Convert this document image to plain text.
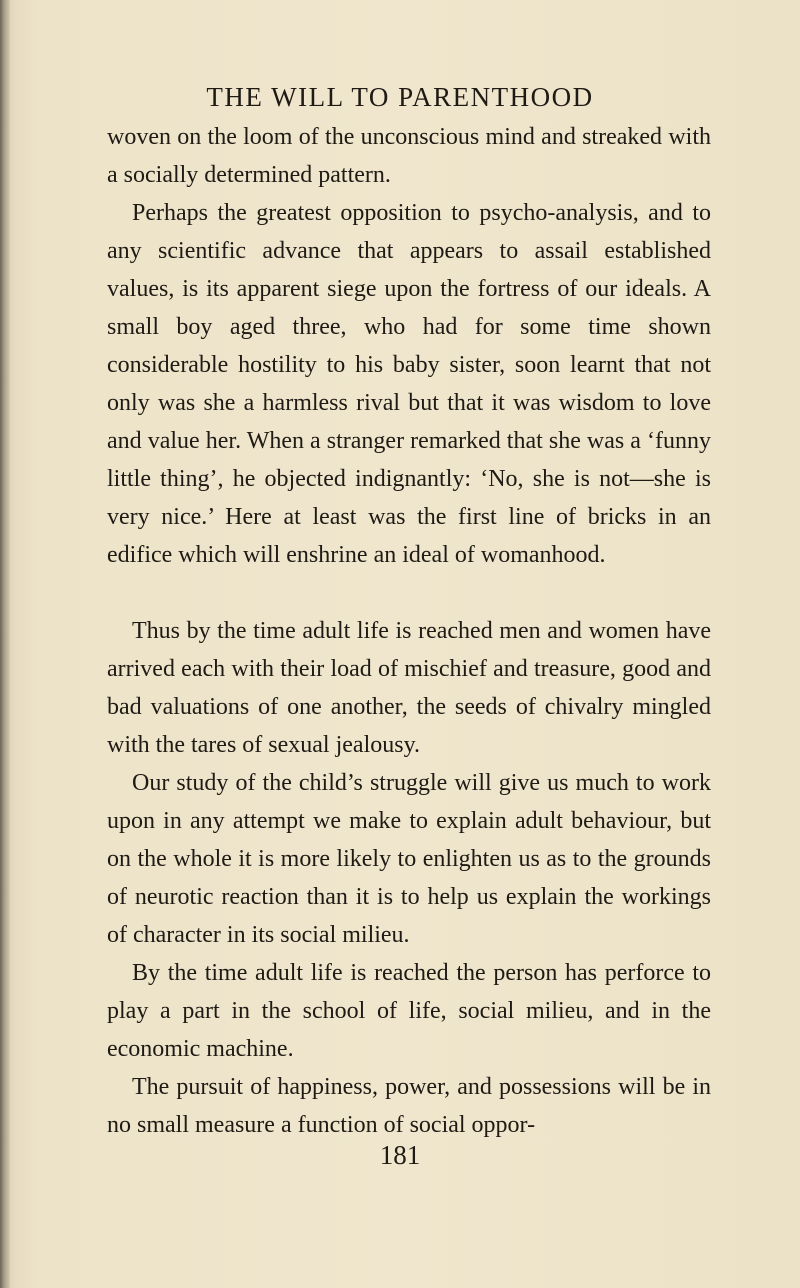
THE WILL TO PARENTHOOD

woven on the loom of the unconscious mind and streaked with a socially determined pattern.

Perhaps the greatest opposition to psycho-analysis, and to any scientific advance that appears to assail established values, is its apparent siege upon the fortress of our ideals. A small boy aged three, who had for some time shown considerable hostility to his baby sister, soon learnt that not only was she a harmless rival but that it was wisdom to love and value her. When a stranger remarked that she was a ‘funny little thing’, he objected indignantly: ‘No, she is not—she is very nice.’ Here at least was the first line of bricks in an edifice which will enshrine an ideal of womanhood.

Thus by the time adult life is reached men and women have arrived each with their load of mischief and treasure, good and bad valuations of one another, the seeds of chivalry mingled with the tares of sexual jealousy.

Our study of the child’s struggle will give us much to work upon in any attempt we make to explain adult behaviour, but on the whole it is more likely to enlighten us as to the grounds of neurotic reaction than it is to help us explain the workings of character in its social milieu.

By the time adult life is reached the person has perforce to play a part in the school of life, social milieu, and in the economic machine.

The pursuit of happiness, power, and possessions will be in no small measure a function of social oppor-

181
